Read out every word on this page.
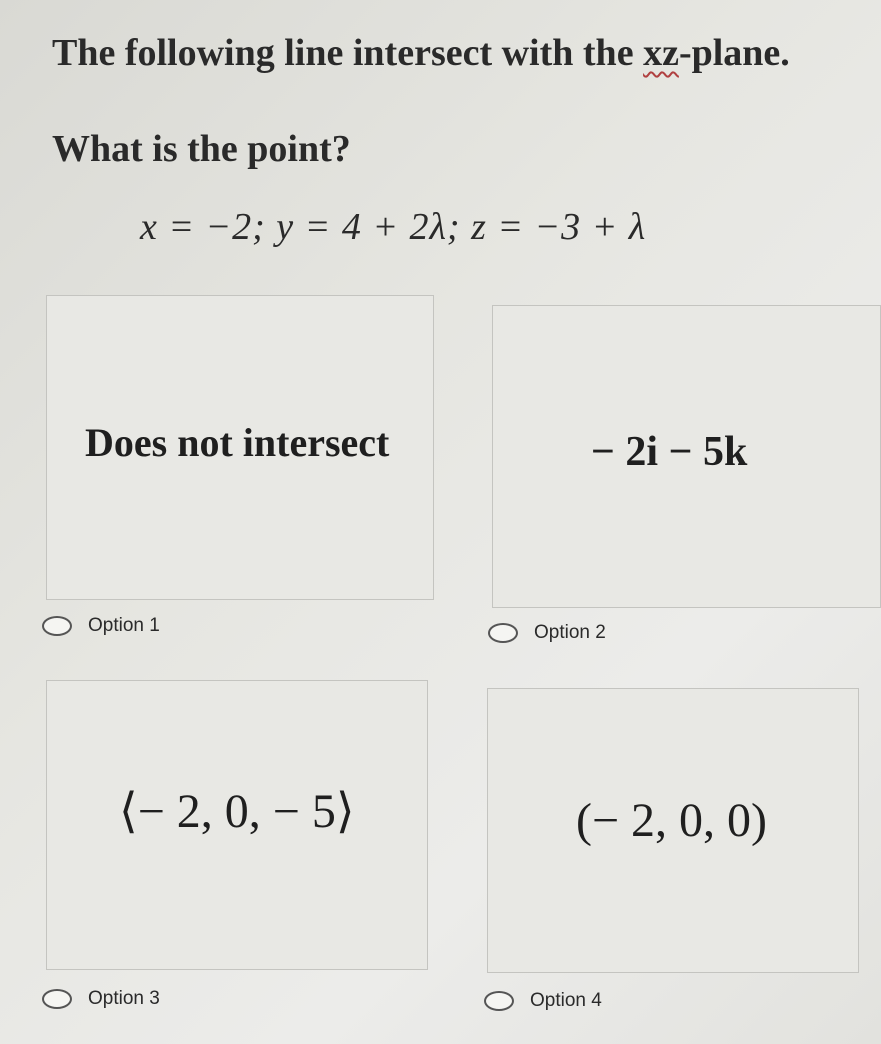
The following line intersect with the xz-plane.

What is the point?

x = −2; y = 4 + 2λ; z = −3 + λ
Does not intersect
Option 1
− 2i − 5k
Option 2
⟨− 2, 0, − 5⟩
Option 3
(− 2, 0, 0)
Option 4
